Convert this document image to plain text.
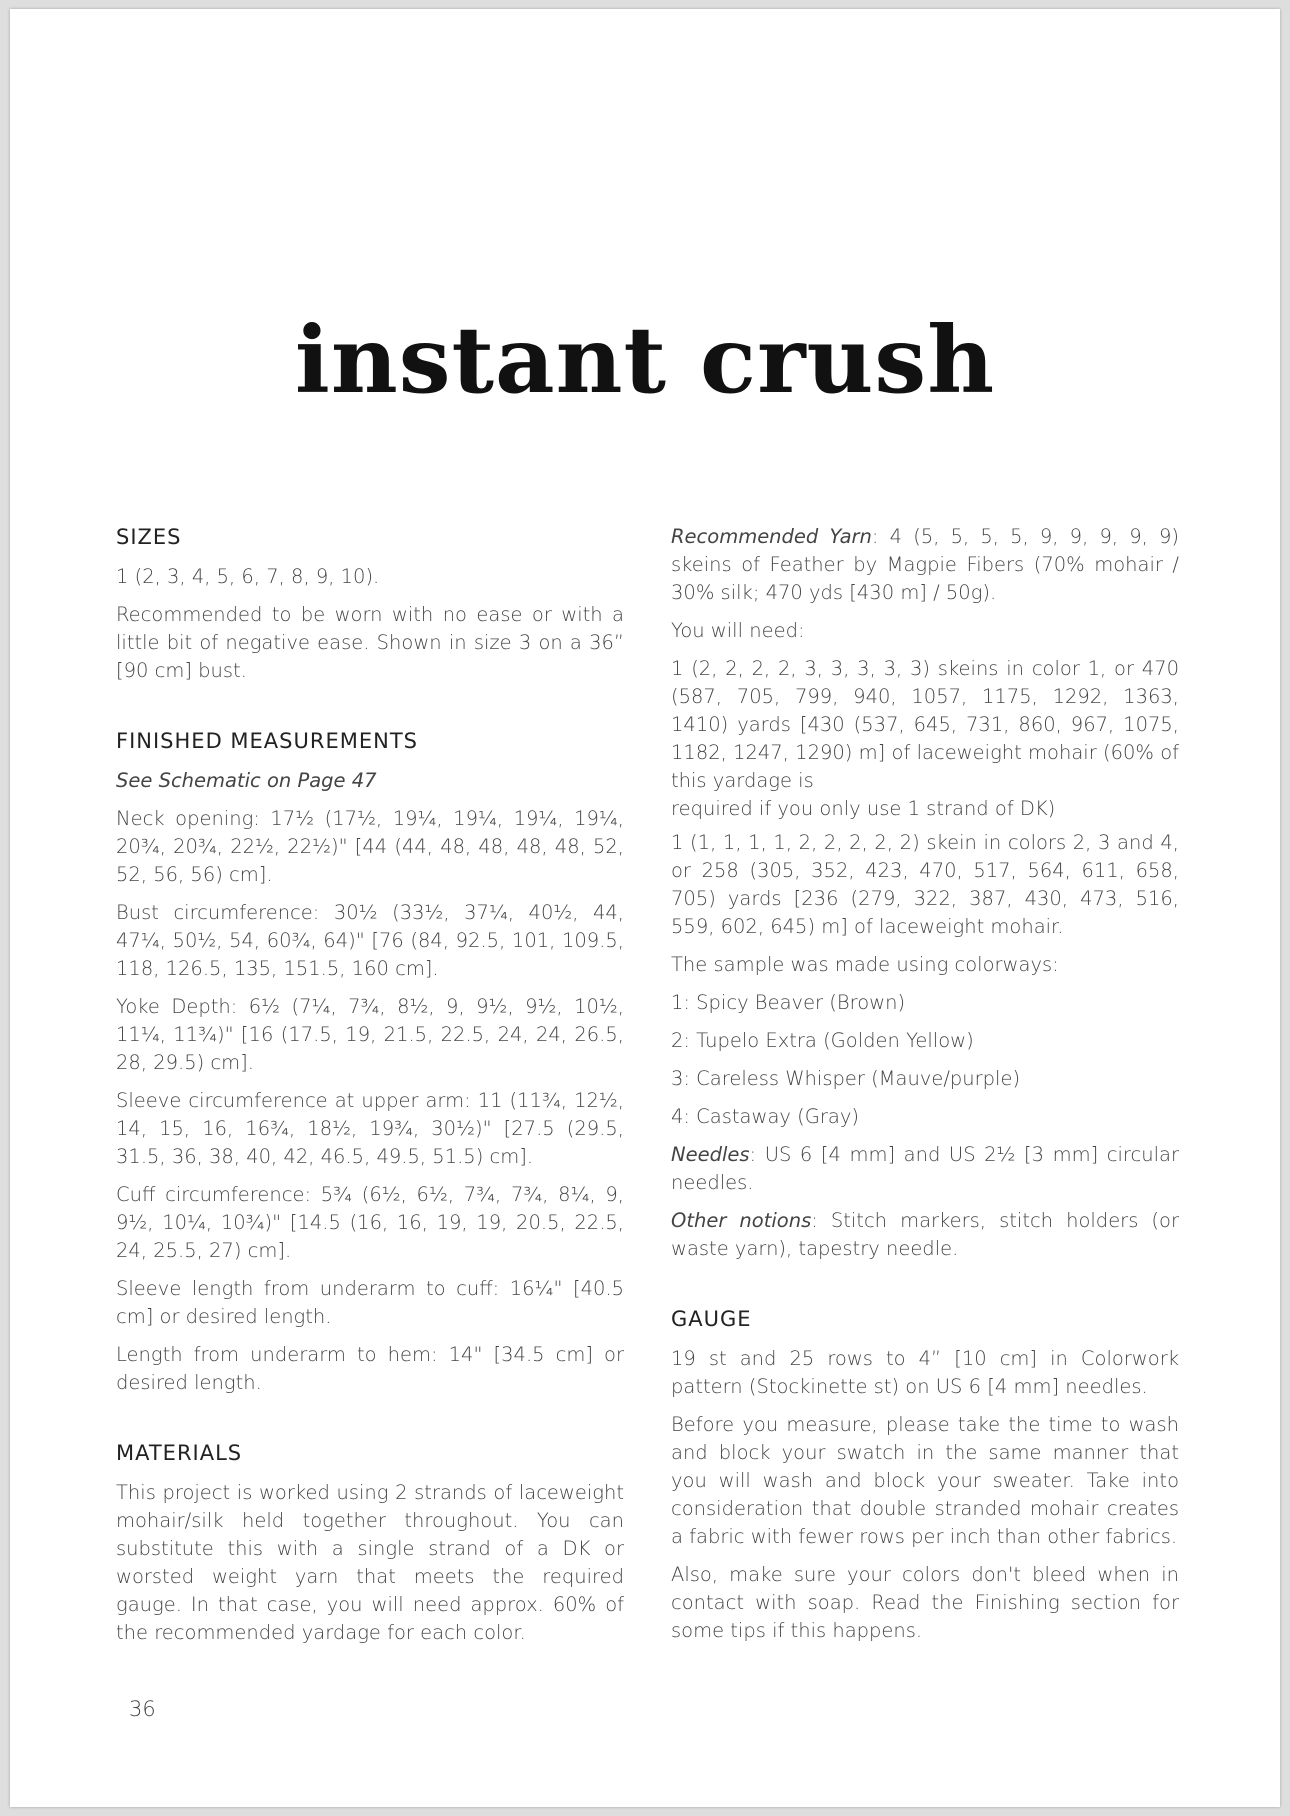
instant crush
SIZES

1 (2, 3, 4, 5, 6, 7, 8, 9, 10).

Recommended to be worn with no ease or with a little bit of negative ease. Shown in size 3 on a 36” [90 cm] bust.

FINISHED MEASUREMENTS

See Schematic on Page 47

Neck opening: 17½ (17½, 19¼, 19¼, 19¼, 19¼, 20¾, 20¾, 22½, 22½)" [44 (44, 48, 48, 48, 48, 52, 52, 56, 56) cm].

Bust circumference: 30½ (33½, 37¼, 40½, 44, 47¼, 50½, 54, 60¾, 64)" [76 (84, 92.5, 101, 109.5, 118, 126.5, 135, 151.5, 160 cm].

Yoke Depth: 6½ (7¼, 7¾, 8½, 9, 9½, 9½, 10½, 11¼, 11¾)" [16 (17.5, 19, 21.5, 22.5, 24, 24, 26.5, 28, 29.5) cm].

Sleeve circumference at upper arm: 11 (11¾, 12½, 14, 15, 16, 16¾, 18½, 19¾, 30½)" [27.5 (29.5, 31.5, 36, 38, 40, 42, 46.5, 49.5, 51.5) cm].

Cuff circumference: 5¾ (6½, 6½, 7¾, 7¾, 8¼, 9, 9½, 10¼, 10¾)" [14.5 (16, 16, 19, 19, 20.5, 22.5, 24, 25.5, 27) cm].

Sleeve length from underarm to cuff: 16¼" [40.5 cm] or desired length.

Length from underarm to hem: 14" [34.5 cm] or desired length.

MATERIALS

This project is worked using 2 strands of laceweight mohair/silk held together throughout. You can substitute this with a single strand of a DK or worsted weight yarn that meets the required gauge. In that case, you will need approx. 60% of the recommended yardage for each color.

Recommended Yarn: 4 (5, 5, 5, 5, 9, 9, 9, 9, 9) skeins of Feather by Magpie Fibers (70% mohair / 30% silk; 470 yds [430 m] / 50g).

You will need:

1 (2, 2, 2, 2, 3, 3, 3, 3, 3) skeins in color 1, or 470 (587, 705, 799, 940, 1057, 1175, 1292, 1363, 1410) yards [430 (537, 645, 731, 860, 967, 1075, 1182, 1247, 1290) m] of laceweight mohair (60% of this yardage is

required if you only use 1 strand of DK)

1 (1, 1, 1, 1, 2, 2, 2, 2, 2) skein in colors 2, 3 and 4, or 258 (305, 352, 423, 470, 517, 564, 611, 658, 705) yards [236 (279, 322, 387, 430, 473, 516, 559, 602, 645) m] of laceweight mohair.

The sample was made using colorways:

1: Spicy Beaver (Brown)

2: Tupelo Extra (Golden Yellow)

3: Careless Whisper (Mauve/purple)

4: Castaway (Gray)

Needles: US 6 [4 mm] and US 2½ [3 mm] circular needles.

Other notions: Stitch markers, stitch holders (or waste yarn), tapestry needle.

GAUGE

19 st and 25 rows to 4” [10 cm] in Colorwork pattern (Stockinette st) on US 6 [4 mm] needles.

Before you measure, please take the time to wash and block your swatch in the same manner that you will wash and block your sweater. Take into consideration that double stranded mohair creates a fabric with fewer rows per inch than other fabrics.

Also, make sure your colors don't bleed when in contact with soap. Read the Finishing section for some tips if this happens.

36
